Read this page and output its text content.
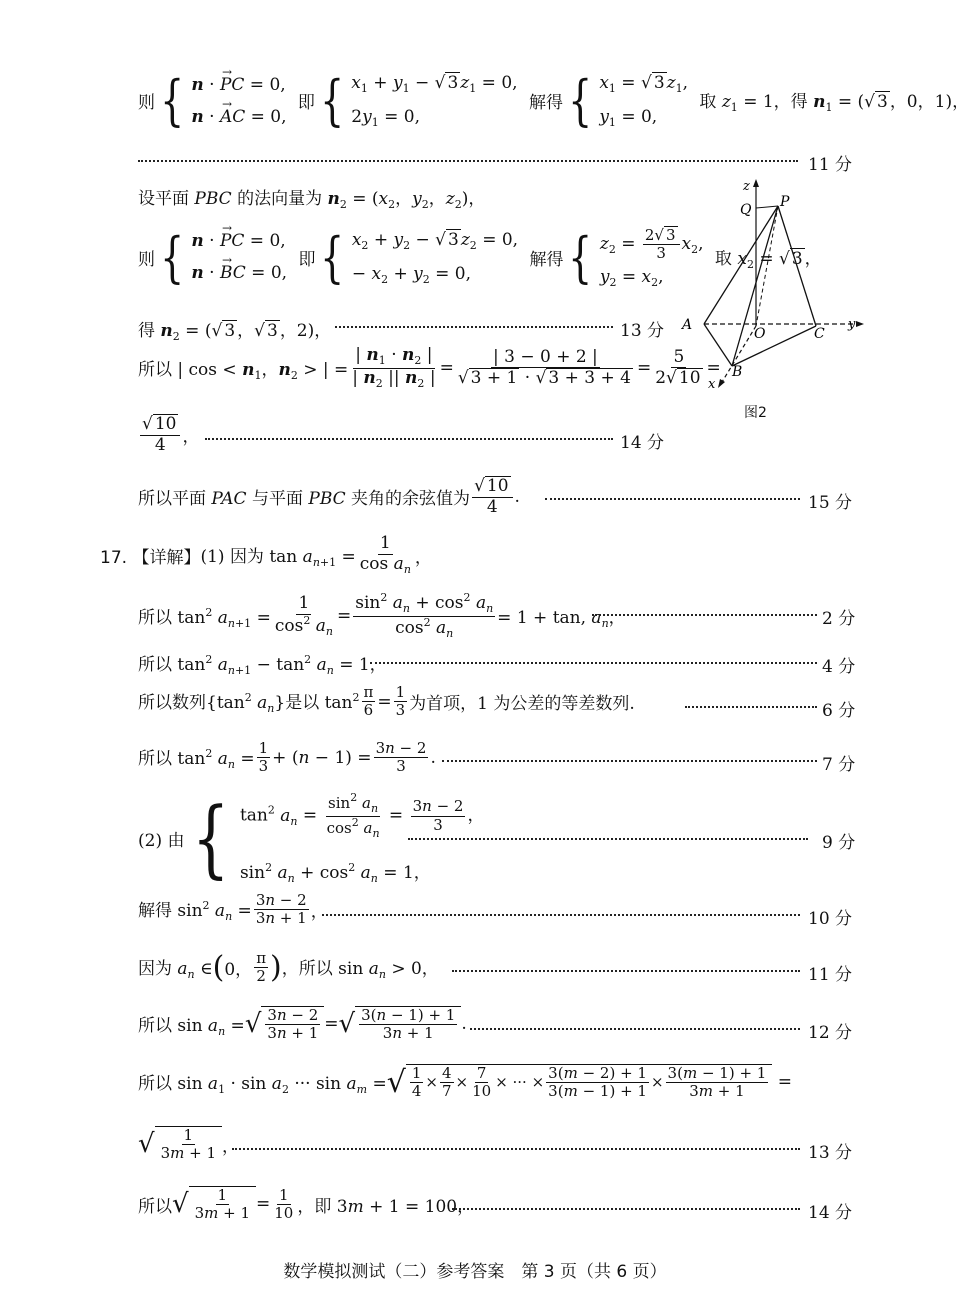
则 { n · → PC = 0,
n · → AC = 0,
即 { $x_1 + y_1$ − √ 3 $z_1 = 0$,
$2y_1 = 0$,
解得 { $x_1$ = √ 3 $z_1$,
$y_1 = 0$,
取 $z_1 = 1$，得 $n_1$ = (√ 3 ，0，1)，
11 分
设平面 PBC 的法向量为 $n_2 = (x_2$，$y_2$，$z_2$)，
则 { n · → PC = 0,
n · → BC = 0,
即 { $x_2 + y_2$ − √ 3 $z_2 = 0$,
− $x_2 + y_2 = 0$,
解得 { $z_2 = \frac{2√ 3}{3} x_2$,
$y_2 = x_2$,
取 $x_2$ = √ 3 ，
得 $n_2$ = (√ 3 ，√ 3 ，2)，	13 分
所以 | $\cos < n_1$，$n_2$ > | = $\frac{| n_1 \cdot n_2 |}{| n_2 || n_2 |} = \frac{| 3 - 0 + 2 |}{√ 3 + 1 \cdot √ 3 + 3 + 4} = \frac{5}{2√ 10}$ =
$\frac{√ 10}{4}$ ，	14 分
所以平面 PAC 与平面 PBC 夹角的余弦值为 $\frac{√ 10}{4}$ .	15 分
17. 【详解】 (1) 因为 $\tan a_{n+1} = \frac{1}{\cos a_n}$ ，
所以 $\tan^2 a_{n+1} = \frac{1}{\cos^2 a_n} = \frac{\sin^2 a_n + \cos^2 a_n}{\cos^2 a_n} = 1 + \tan$, $a_n$，	2 分
所以 $\tan^2 a_{n+1} - \tan^2 a_n = 1$，	4 分
所以数列{$\tan^2$ $a_n$}是以 $\tan^2 \frac{\pi}{6} = \frac{1}{3}$ 为首项，1 为公差的等差数列.	6 分
所以 $\tan^2 a_n = \frac{1}{3} + (n - 1) = \frac{3n - 2}{3}$ .	7 分
(2) 由 { $\tan^2 a_n = \frac{\sin^2 a_n}{\cos^2 a_n} = \frac{3n - 2}{3}$ ，
$\sin^2 a_n + \cos^2 a_n = 1$，
9 分
解得 $\sin^2 a_n = \frac{3n - 2}{3n + 1}$ ，	10 分
因为 $a_n$ ∈ ( 0， $\frac{\pi}{2}$ ) ，所以 $\sin a_n > 0$，	11 分
所以 $\sin a_n$ = √ $\frac{3n - 2}{3n + 1}$ = √ $\frac{3(n - 1) + 1}{3n + 1}$ .	12 分
所以 $\sin a_1 \cdot \sin a_2$ ··· $\sin a_m$ = √ $\frac{1}{4} \times \frac{4}{7} \times \frac{7}{10}$ × ··· × $\frac{3(m - 2) + 1}{3(m - 1) + 1} \times \frac{3(m - 1) + 1}{3m + 1}$ =
√ $\frac{1}{3m + 1}$ ，	13 分
所以 √ $\frac{1}{3m + 1} = \frac{1}{10}$ ，即 3m + 1 = 100，	14 分
z
Q P
A
O	C
y
B
x
图2
数学模拟测试（二）参考答案　第 3 页（共 6 页）
